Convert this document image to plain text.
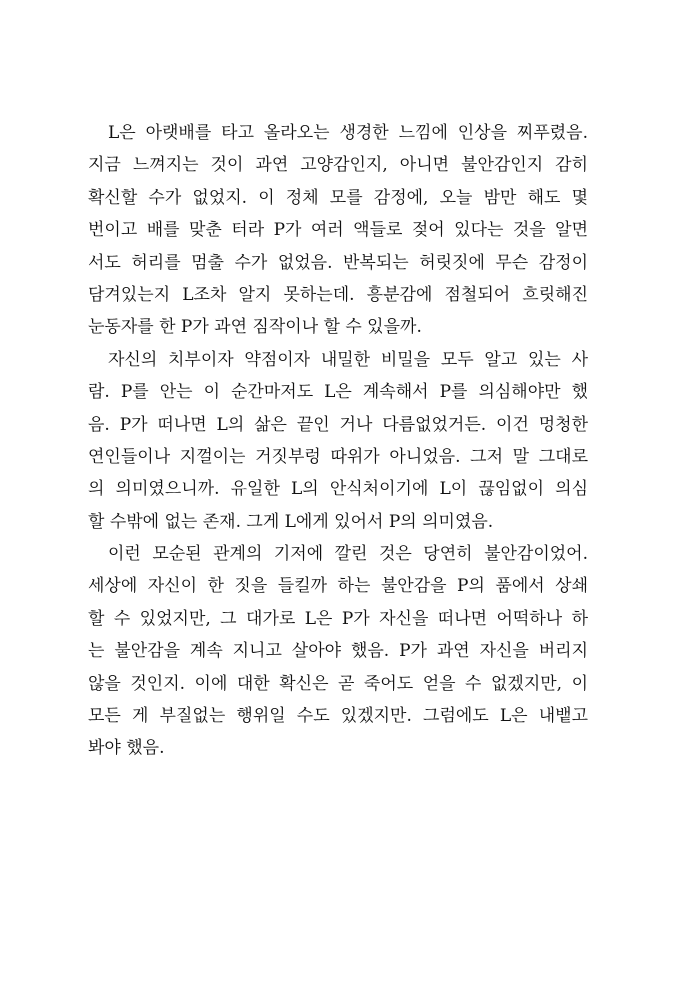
L은 아랫배를 타고 올라오는 생경한 느낌에 인상을 찌푸렸음.
지금 느껴지는 것이 과연 고양감인지, 아니면 불안감인지 감히
확신할 수가 없었지. 이 정체 모를 감정에, 오늘 밤만 해도 몇
번이고 배를 맞춘 터라 P가 여러 액들로 젖어 있다는 것을 알면
서도 허리를 멈출 수가 없었음. 반복되는 허릿짓에 무슨 감정이
담겨있는지 L조차 알지 못하는데. 흥분감에 점철되어 흐릿해진
눈동자를 한 P가 과연 짐작이나 할 수 있을까.
자신의 치부이자 약점이자 내밀한 비밀을 모두 알고 있는 사
람. P를 안는 이 순간마저도 L은 계속해서 P를 의심해야만 했
음. P가 떠나면 L의 삶은 끝인 거나 다름없었거든. 이건 멍청한
연인들이나 지껄이는 거짓부렁 따위가 아니었음. 그저 말 그대로
의 의미였으니까. 유일한 L의 안식처이기에 L이 끊임없이 의심
할 수밖에 없는 존재. 그게 L에게 있어서 P의 의미였음.
이런 모순된 관계의 기저에 깔린 것은 당연히 불안감이었어.
세상에 자신이 한 짓을 들킬까 하는 불안감을 P의 품에서 상쇄
할 수 있었지만, 그 대가로 L은 P가 자신을 떠나면 어떡하나 하
는 불안감을 계속 지니고 살아야 했음. P가 과연 자신을 버리지
않을 것인지. 이에 대한 확신은 곧 죽어도 얻을 수 없겠지만, 이
모든 게 부질없는 행위일 수도 있겠지만. 그럼에도 L은 내뱉고
봐야 했음.
